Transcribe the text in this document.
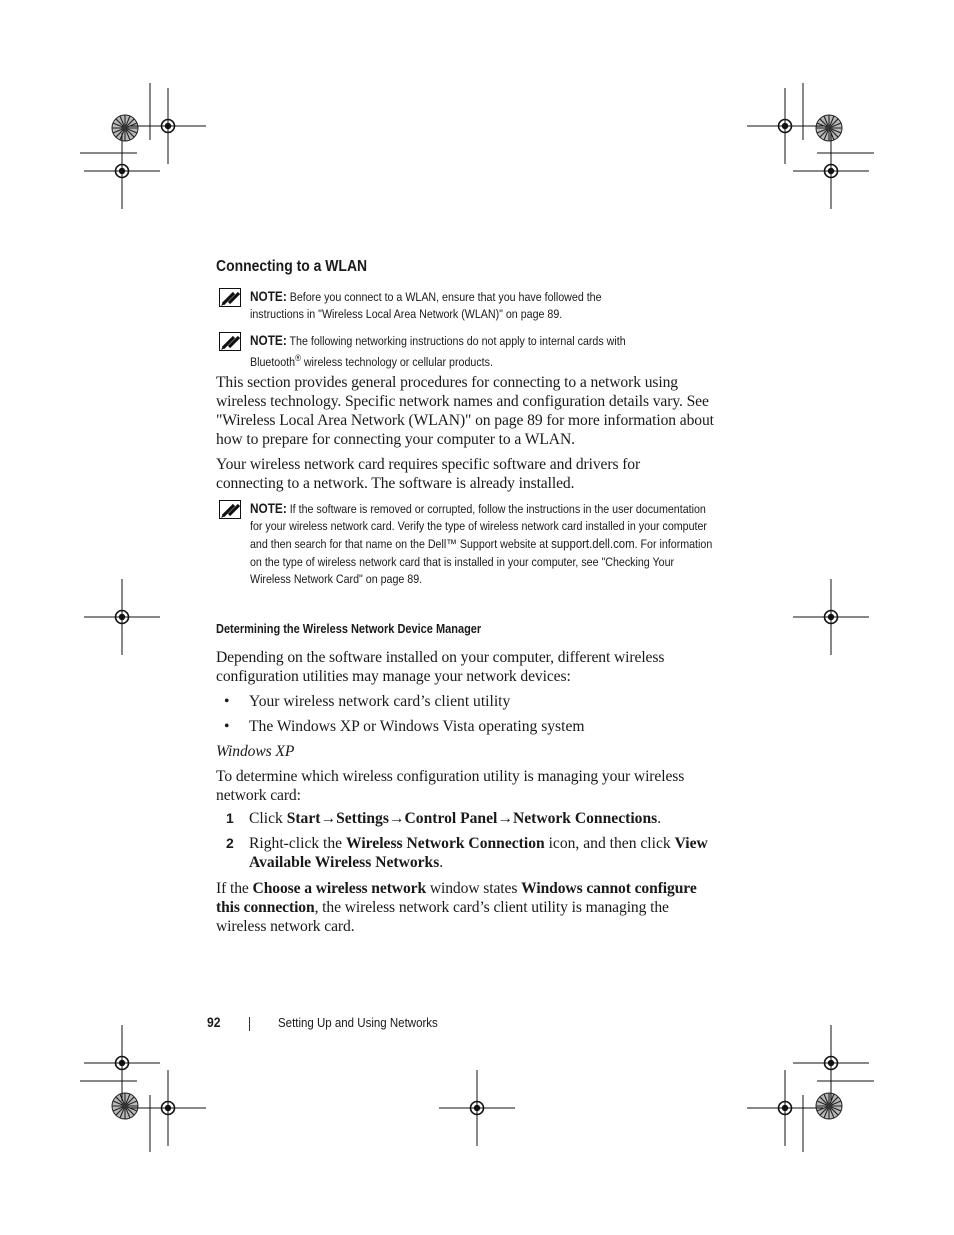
Connecting to a WLAN
NOTE: Before you connect to a WLAN, ensure that you have followed the
instructions in "Wireless Local Area Network (WLAN)" on page 89.
NOTE: The following networking instructions do not apply to internal cards with
Bluetooth® wireless technology or cellular products.
This section provides general procedures for connecting to a network using wireless technology. Specific network names and configuration details vary. See "Wireless Local Area Network (WLAN)" on page 89 for more information about how to prepare for connecting your computer to a WLAN.
Your wireless network card requires specific software and drivers for connecting to a network. The software is already installed.
NOTE: If the software is removed or corrupted, follow the instructions in the user documentation for your wireless network card. Verify the type of wireless network card installed in your computer and then search for that name on the Dell™ Support website at support.dell.com. For information on the type of wireless network card that is installed in your computer, see "Checking Your Wireless Network Card" on page 89.
Determining the Wireless Network Device Manager
Depending on the software installed on your computer, different wireless configuration utilities may manage your network devices:
• Your wireless network card’s client utility
• The Windows XP or Windows Vista operating system
Windows XP
To determine which wireless configuration utility is managing your wireless network card:
1 Click Start→Settings→Control Panel→Network Connections.
2 Right-click the Wireless Network Connection icon, and then click View Available Wireless Networks.
If the Choose a wireless network window states Windows cannot configure this connection, the wireless network card’s client utility is managing the wireless network card.
92	Setting Up and Using Networks
